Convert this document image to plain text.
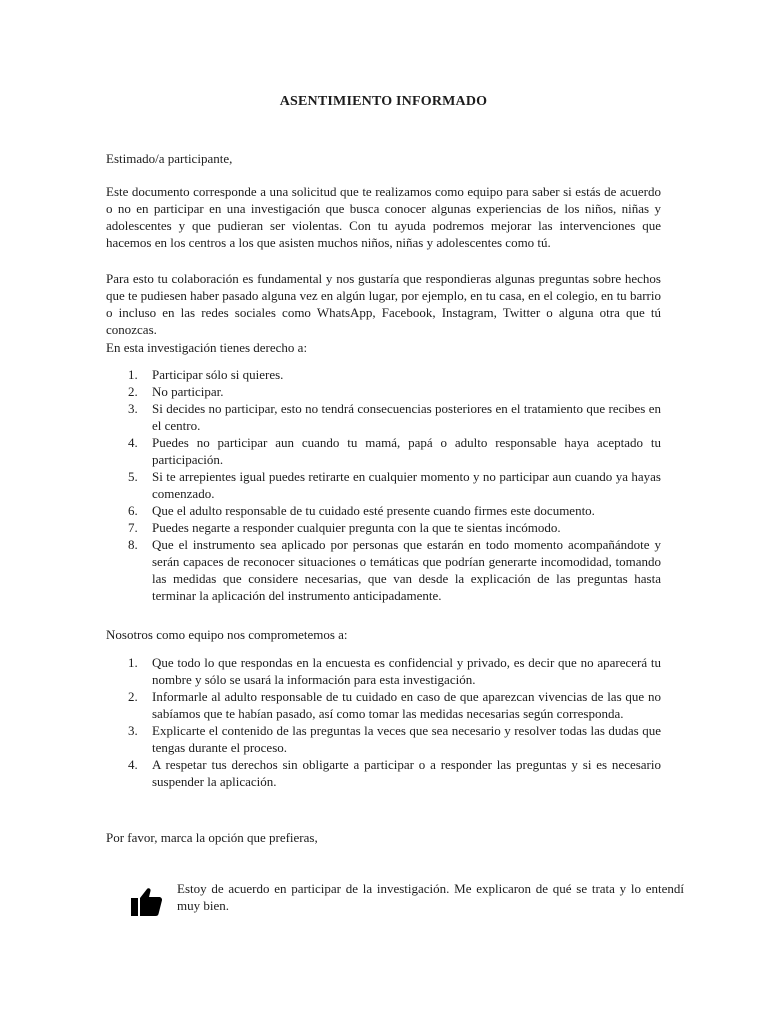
ASENTIMIENTO INFORMADO

Estimado/a participante,

Este documento corresponde a una solicitud que te realizamos como equipo para saber si estás de acuerdo o no en participar en una investigación que busca conocer algunas experiencias de los niños, niñas y adolescentes y que pudieran ser violentas. Con tu ayuda podremos mejorar las intervenciones que hacemos en los centros a los que asisten muchos niños, niñas y adolescentes como tú.

Para esto tu colaboración es fundamental y nos gustaría que respondieras algunas preguntas sobre hechos que te pudiesen haber pasado alguna vez en algún lugar, por ejemplo, en tu casa, en el colegio, en tu barrio o incluso en las redes sociales como WhatsApp, Facebook, Instagram, Twitter o alguna otra que tú conozcas.

En esta investigación tienes derecho a:

1. Participar sólo si quieres.
2. No participar.
3. Si decides no participar, esto no tendrá consecuencias posteriores en el tratamiento que recibes en el centro.
4. Puedes no participar aun cuando tu mamá, papá o adulto responsable haya aceptado tu participación.
5. Si te arrepientes igual puedes retirarte en cualquier momento y no participar aun cuando ya hayas comenzado.
6. Que el adulto responsable de tu cuidado esté presente cuando firmes este documento.
7. Puedes negarte a responder cualquier pregunta con la que te sientas incómodo.
8. Que el instrumento sea aplicado por personas que estarán en todo momento acompañándote y serán capaces de reconocer situaciones o temáticas que podrían generarte incomodidad, tomando las medidas que considere necesarias, que van desde la explicación de las preguntas hasta terminar la aplicación del instrumento anticipadamente.

Nosotros como equipo nos comprometemos a:

1. Que todo lo que respondas en la encuesta es confidencial y privado, es decir que no aparecerá tu nombre y sólo se usará la información para esta investigación.
2. Informarle al adulto responsable de tu cuidado en caso de que aparezcan vivencias de las que no sabíamos que te habían pasado, así como tomar las medidas necesarias según corresponda.
3. Explicarte el contenido de las preguntas la veces que sea necesario y resolver todas las dudas que tengas durante el proceso.
4. A respetar tus derechos sin obligarte a participar o a responder las preguntas y si es necesario suspender la aplicación.

Por favor, marca la opción que prefieras,

Estoy de acuerdo en participar de la investigación. Me explicaron de qué se trata y lo entendí muy bien.
